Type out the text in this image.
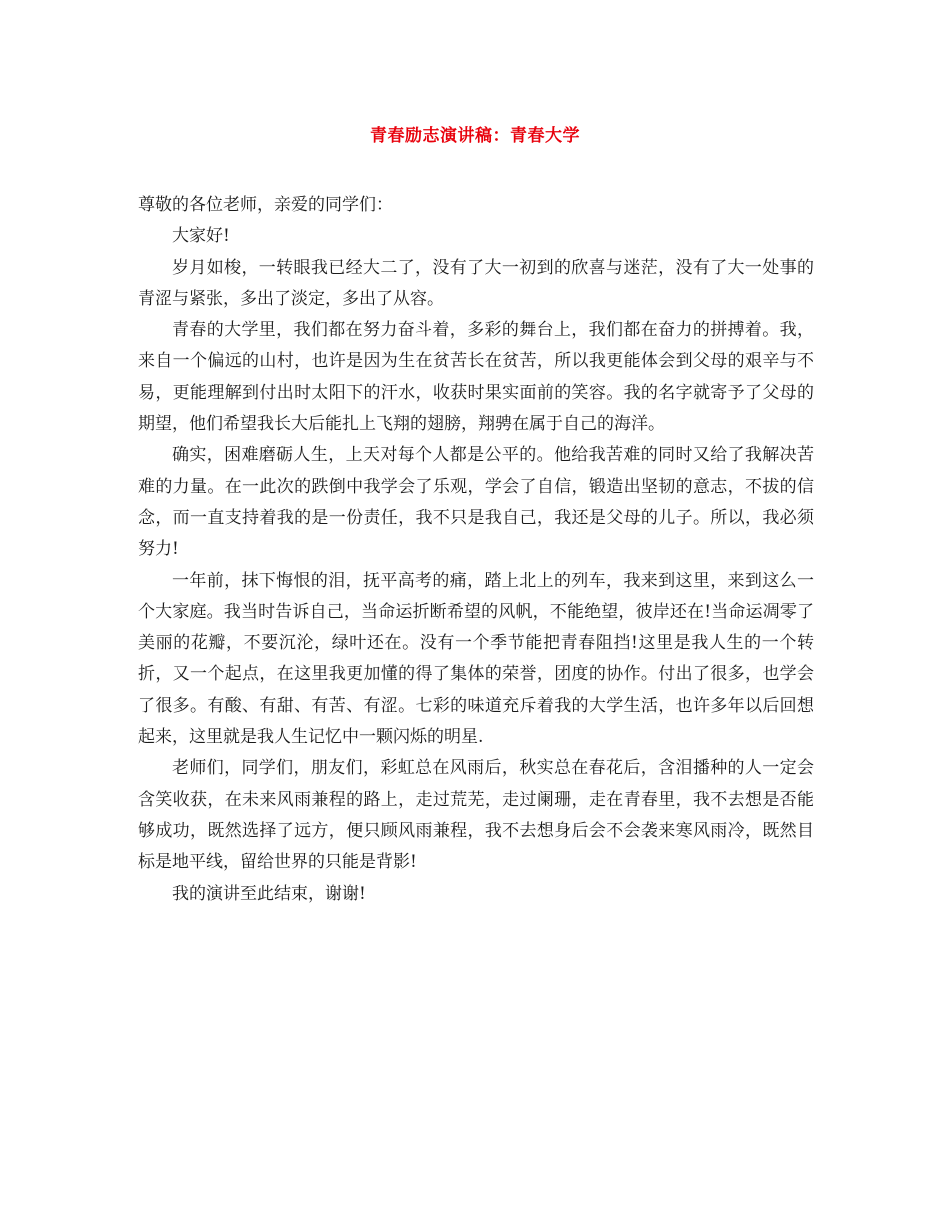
青春励志演讲稿：青春大学

尊敬的各位老师，亲爱的同学们：

大家好!

岁月如梭，一转眼我已经大二了，没有了大一初到的欣喜与迷茫，没有了大一处事的青涩与紧张，多出了淡定，多出了从容。

青春的大学里，我们都在努力奋斗着，多彩的舞台上，我们都在奋力的拼搏着。我，来自一个偏远的山村，也许是因为生在贫苦长在贫苦，所以我更能体会到父母的艰辛与不易，更能理解到付出时太阳下的汗水，收获时果实面前的笑容。我的名字就寄予了父母的期望，他们希望我长大后能扎上飞翔的翅膀，翔骋在属于自己的海洋。

确实，困难磨砺人生，上天对每个人都是公平的。他给我苦难的同时又给了我解决苦难的力量。在一此次的跌倒中我学会了乐观，学会了自信，锻造出坚韧的意志，不拔的信念，而一直支持着我的是一份责任，我不只是我自己，我还是父母的儿子。所以，我必须努力!

一年前，抹下悔恨的泪，抚平高考的痛，踏上北上的列车，我来到这里，来到这么一个大家庭。我当时告诉自己，当命运折断希望的风帆，不能绝望，彼岸还在!当命运凋零了美丽的花瓣，不要沉沦，绿叶还在。没有一个季节能把青春阻挡!这里是我人生的一个转折，又一个起点，在这里我更加懂的得了集体的荣誉，团度的协作。付出了很多，也学会了很多。有酸、有甜、有苦、有涩。七彩的味道充斥着我的大学生活，也许多年以后回想起来，这里就是我人生记忆中一颗闪烁的明星.

老师们，同学们，朋友们，彩虹总在风雨后，秋实总在春花后，含泪播种的人一定会含笑收获，在未来风雨兼程的路上，走过荒芜，走过阑珊，走在青春里，我不去想是否能够成功，既然选择了远方，便只顾风雨兼程，我不去想身后会不会袭来寒风雨冷，既然目标是地平线，留给世界的只能是背影!

我的演讲至此结束，谢谢!
